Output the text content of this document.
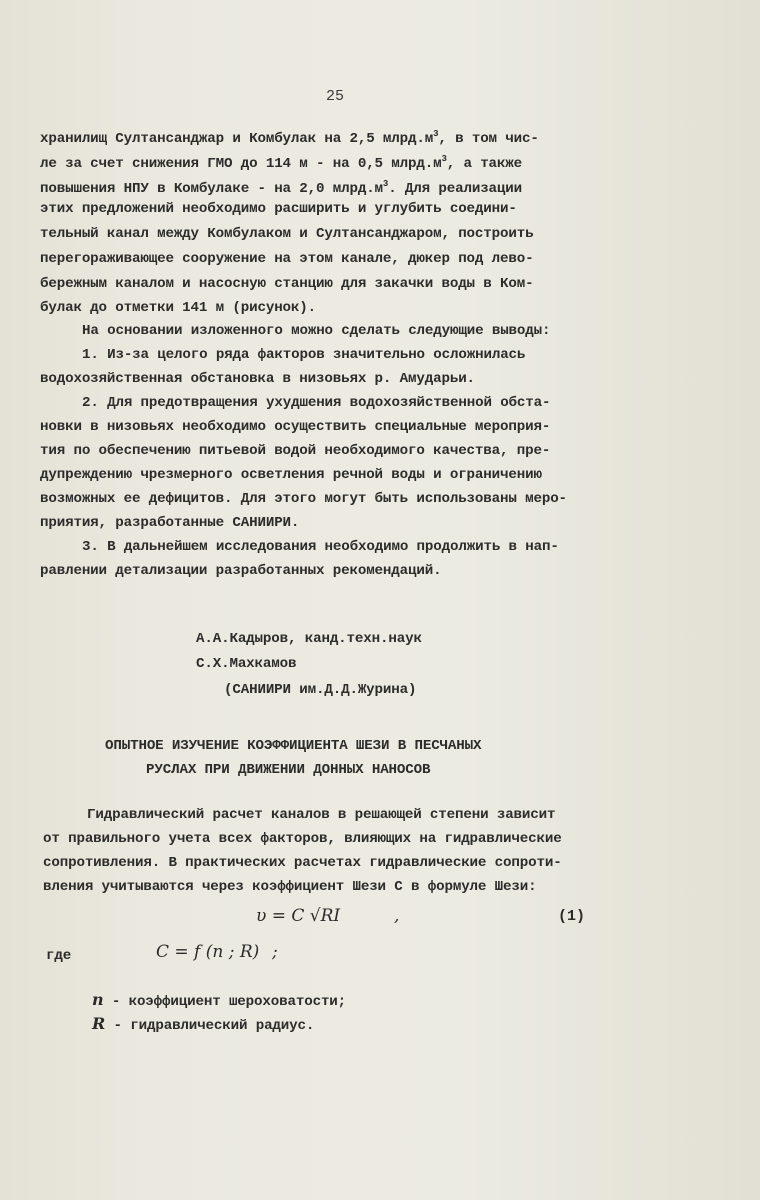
25
хранилищ Султансанджар и Комбулак на 2,5 $млрд.м^3$, в том чис-
ле за счет снижения ГМО до 114 м - на 0,5 $млрд.м^3$, а также
повышения НПУ в Комбулаке - на 2,0 $млрд.м^3$. Для реализации
этих предложений необходимо расширить и углубить соедини-
тельный канал между Комбулаком и Султансанджаром, построить
перегораживающее сооружение на этом канале, дюкер под лево-
бережным каналом и насосную станцию для закачки воды в Ком-
булак до отметки 141 м (рисунок).
На основании изложенного можно сделать следующие выводы:
1. Из-за целого ряда факторов значительно осложнилась
водохозяйственная обстановка в низовьях р. Амударьи.
2. Для предотвращения ухудшения водохозяйственной обста-
новки в низовьях необходимо осуществить специальные мероприя-
тия по обеспечению питьевой водой необходимого качества, пре-
дупреждению чрезмерного осветления речной воды и ограничению
возможных ее дефицитов. Для этого могут быть использованы меро-
приятия, разработанные САНИИРИ.
3. В дальнейшем исследования необходимо продолжить в нап-
равлении детализации разработанных рекомендаций.
А.А.Кадыров, канд.техн.наук
С.Х.Махкамов
(САНИИРИ им.Д.Д.Журина)
ОПЫТНОЕ ИЗУЧЕНИЕ КОЭФФИЦИЕНТА ШЕЗИ В ПЕСЧАНЫХ
РУСЛАХ ПРИ ДВИЖЕНИИ ДОННЫХ НАНОСОВ
Гидравлический расчет каналов в решающей степени зависит
от правильного учета всех факторов, влияющих на гидравлические
сопротивления. В практических расчетах гидравлические сопроти-
вления учитываются через коэффициент Шези С в формуле Шези:
υ = C √RI	,	(1)
где	C = f (n ; R) ;
n - коэффициент шероховатости;
R - гидравлический радиус.
